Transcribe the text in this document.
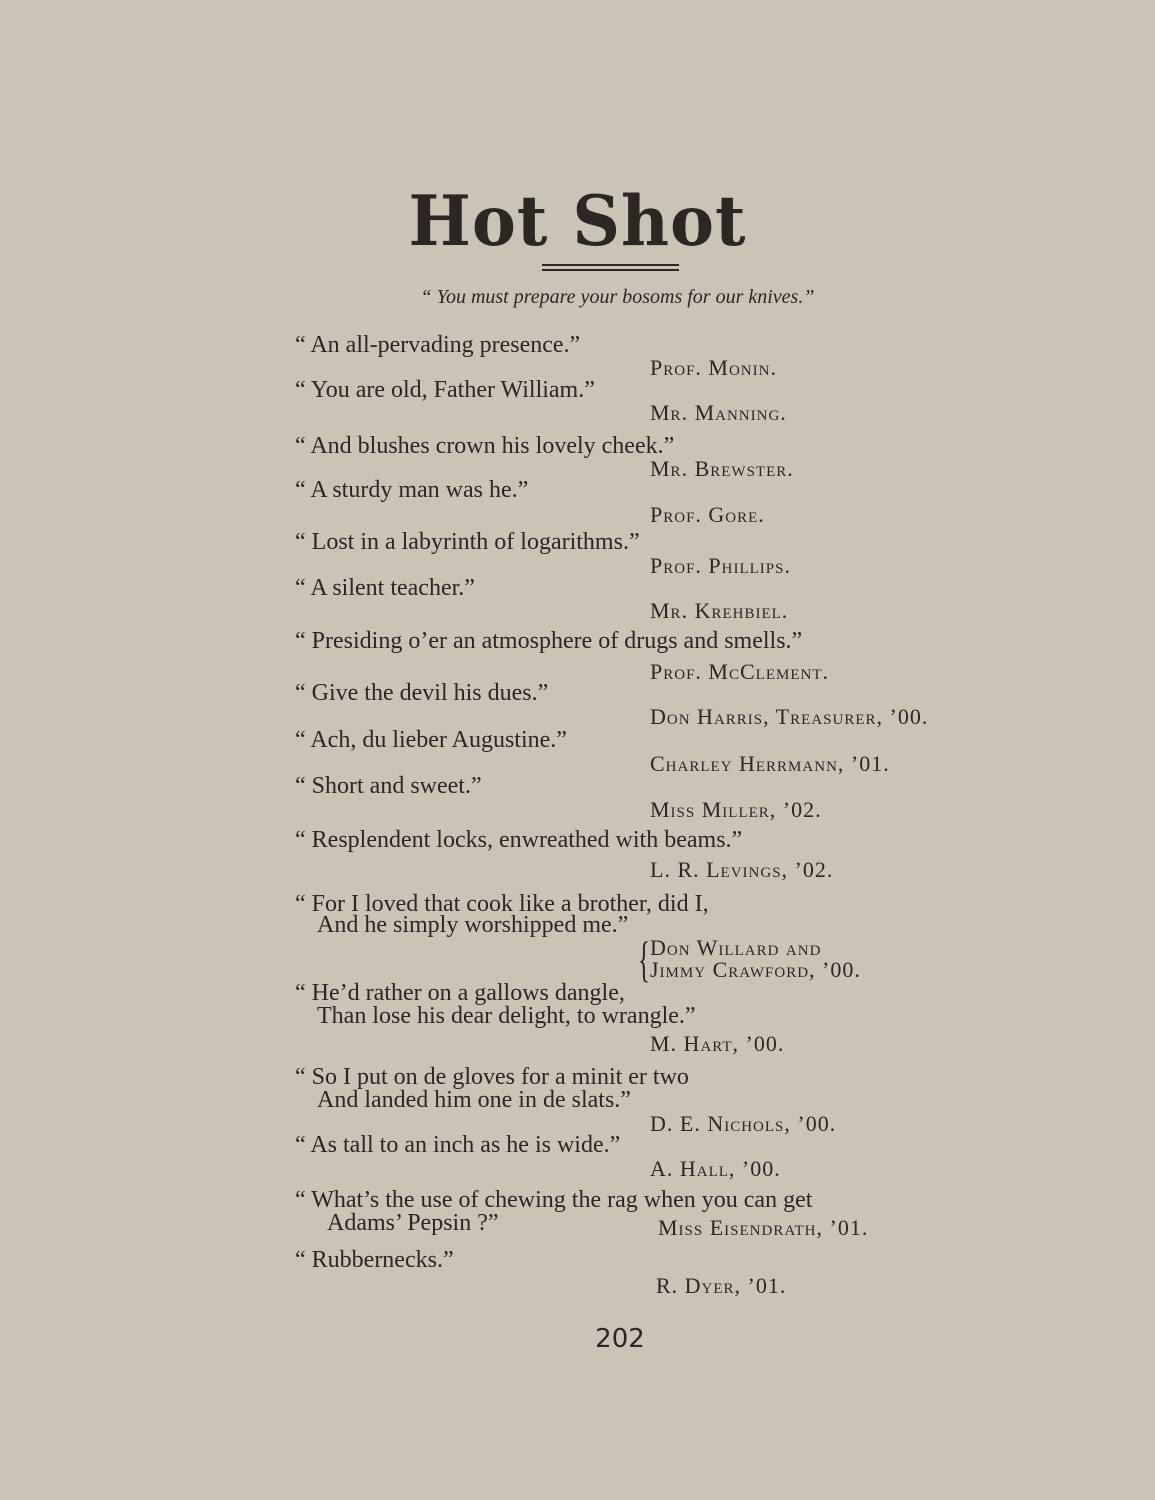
Hot Shot
“ You must prepare your bosoms for our knives.”
“ An all-pervading presence.”
Prof. Monin.
“ You are old, Father William.”
Mr. Manning.
“ And blushes crown his lovely cheek.”
Mr. Brewster.
“ A sturdy man was he.”
Prof. Gore.
“ Lost in a labyrinth of logarithms.”
Prof. Phillips.
“ A silent teacher.”
Mr. Krehbiel.
“ Presiding o’er an atmosphere of drugs and smells.”
Prof. McClement.
“ Give the devil his dues.”
Don Harris, Treasurer, ’00.
“ Ach, du lieber Augustine.”
Charley Herrmann, ’01.
“ Short and sweet.”
Miss Miller, ’02.
“ Resplendent locks, enwreathed with beams.”
L. R. Levings, ’02.
“ For I loved that cook like a brother, did I,
And he simply worshipped me.”
{ Don Willard and
Jimmy Crawford, ’00.
“ He’d rather on a gallows dangle,
Than lose his dear delight, to wrangle.”
M. Hart, ’00.
“ So I put on de gloves for a minit er two
And landed him one in de slats.”
D. E. Nichols, ’00.
“ As tall to an inch as he is wide.”
A. Hall, ’00.
“ What’s the use of chewing the rag when you can get
Adams’ Pepsin ?”	Miss Eisendrath, ’01.
“ Rubbernecks.”
R. Dyer, ’01.
202
